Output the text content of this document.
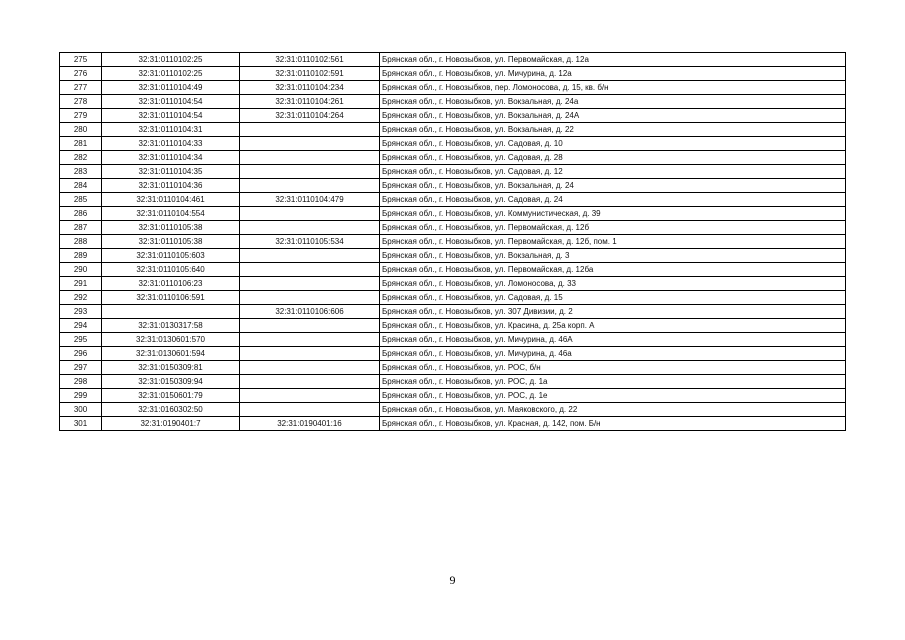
275	32:31:0110102:25	32:31:0110102:561	Брянская обл., г. Новозыбков, ул. Первомайская, д. 12а
276	32:31:0110102:25	32:31:0110102:591	Брянская обл., г. Новозыбков, ул. Мичурина, д. 12а
277	32:31:0110104:49	32:31:0110104:234	Брянская обл., г. Новозыбков, пер. Ломоносова, д. 15, кв. б/н
278	32:31:0110104:54	32:31:0110104:261	Брянская обл., г. Новозыбков, ул. Вокзальная, д. 24а
279	32:31:0110104:54	32:31:0110104:264	Брянская обл., г. Новозыбков, ул. Вокзальная, д. 24А
280	32:31:0110104:31		Брянская обл., г. Новозыбков, ул. Вокзальная, д. 22
281	32:31:0110104:33		Брянская обл., г. Новозыбков, ул. Садовая, д. 10
282	32:31:0110104:34		Брянская обл., г. Новозыбков, ул. Садовая, д. 28
283	32:31:0110104:35		Брянская обл., г. Новозыбков, ул. Садовая, д. 12
284	32:31:0110104:36		Брянская обл., г. Новозыбков, ул. Вокзальная, д. 24
285	32:31:0110104:461	32:31:0110104:479	Брянская обл., г. Новозыбков, ул. Садовая, д. 24
286	32:31:0110104:554		Брянская обл., г. Новозыбков, ул. Коммунистическая, д. 39
287	32:31:0110105:38		Брянская обл., г. Новозыбков, ул. Первомайская, д. 12б
288	32:31:0110105:38	32:31:0110105:534	Брянская обл., г. Новозыбков, ул. Первомайская, д. 12б, пом. 1
289	32:31:0110105:603		Брянская обл., г. Новозыбков, ул. Вокзальная, д. 3
290	32:31:0110105:640		Брянская обл., г. Новозыбков, ул. Первомайская, д. 12ба
291	32:31:0110106:23		Брянская обл., г. Новозыбков, ул. Ломоносова, д. 33
292	32:31:0110106:591		Брянская обл., г. Новозыбков, ул. Садовая, д. 15
293		32:31:0110106:606	Брянская обл., г. Новозыбков, ул. 307 Дивизии, д. 2
294	32:31:0130317:58		Брянская обл., г. Новозыбков, ул. Красина, д. 25а корп. А
295	32:31:0130601:570		Брянская обл., г. Новозыбков, ул. Мичурина, д. 46А
296	32:31:0130601:594		Брянская обл., г. Новозыбков, ул. Мичурина, д. 46а
297	32:31:0150309:81		Брянская обл., г. Новозыбков, ул. РОС, б/н
298	32:31:0150309:94		Брянская обл., г. Новозыбков, ул. РОС, д. 1а
299	32:31:0150601:79		Брянская обл., г. Новозыбков, ул. РОС, д. 1е
300	32:31:0160302:50		Брянская обл., г. Новозыбков, ул. Маяковского, д. 22
301	32:31:0190401:7	32:31:0190401:16	Брянская обл., г. Новозыбков, ул. Красная, д. 142, пом. Б/н
9
